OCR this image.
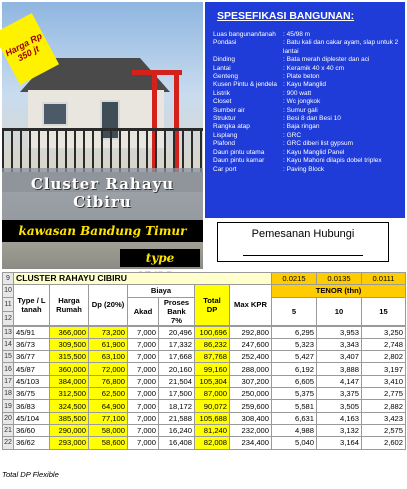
Harga Rp 350 jt
Cluster Rahayu
Cibiru
kawasan Bandung Timur
type
SPESEFIKASI BANGUNAN:
Luas bangunan/tanah	: 45/98 m
Pondasi	: Batu kali dan cakar ayam, slap untuk 2 lantai
Dinding	: Bata merah diplester dan aci
Lantai	: Keramik 40 x 40 cm
Genteng	: Plate beton
Kusen Pintu & jendela : Kayu Manglid
Listrik	: 900 watt
Closet	: Wc jongkok
Sumber air	: Sumur gali
Struktur	: Besi 8 dan Besi 10
Rangka atap	: Baja ringan
Lisplang	: GRC
Plafond	: GRC diberi list gypsum
Daun pintu utama	: Kayu Manglid Panel
Daun pintu kamar	: Kayu Mahoni dilapis dobel triplex
Car port	: Paving Block
Pemesanan Hubungi
9	CLUSTER RAHAYU CIBIRU							0.0215	0.0135	0.0111
10	Type / L tanah	Harga Rumah	Dp (20%)	Biaya		Total DP	Max KPR	TENOR (thn)		
11				Akad	Proses Bank 7%			5	10	15
12										
13	45/91	366,000	73,200	7,000	20,496	100,696	292,800	6,295	3,953	3,250
14	36/73	309,500	61,900	7,000	17,332	86,232	247,600	5,323	3,343	2,748
15	36/77	315,500	63,100	7,000	17,668	87,768	252,400	5,427	3,407	2,802
16	45/87	360,000	72,000	7,000	20,160	99,160	288,000	6,192	3,888	3,197
17	45/103	384,000	76,800	7,000	21,504	105,304	307,200	6,605	4,147	3,410
18	36/75	312,500	62,500	7,000	17,500	87,000	250,000	5,375	3,375	2,775
19	36/83	324,500	64,900	7,000	18,172	90,072	259,600	5,581	3,505	2,882
20	45/104	385,500	77,100	7,000	21,588	105,688	308,400	6,631	4,163	3,423
21	36/60	290,000	58,000	7,000	16,240	81,240	232,000	4,988	3,132	2,575
22	36/62	293,000	58,600	7,000	16,408	82,008	234,400	5,040	3,164	2,602
Total DP Flexible
